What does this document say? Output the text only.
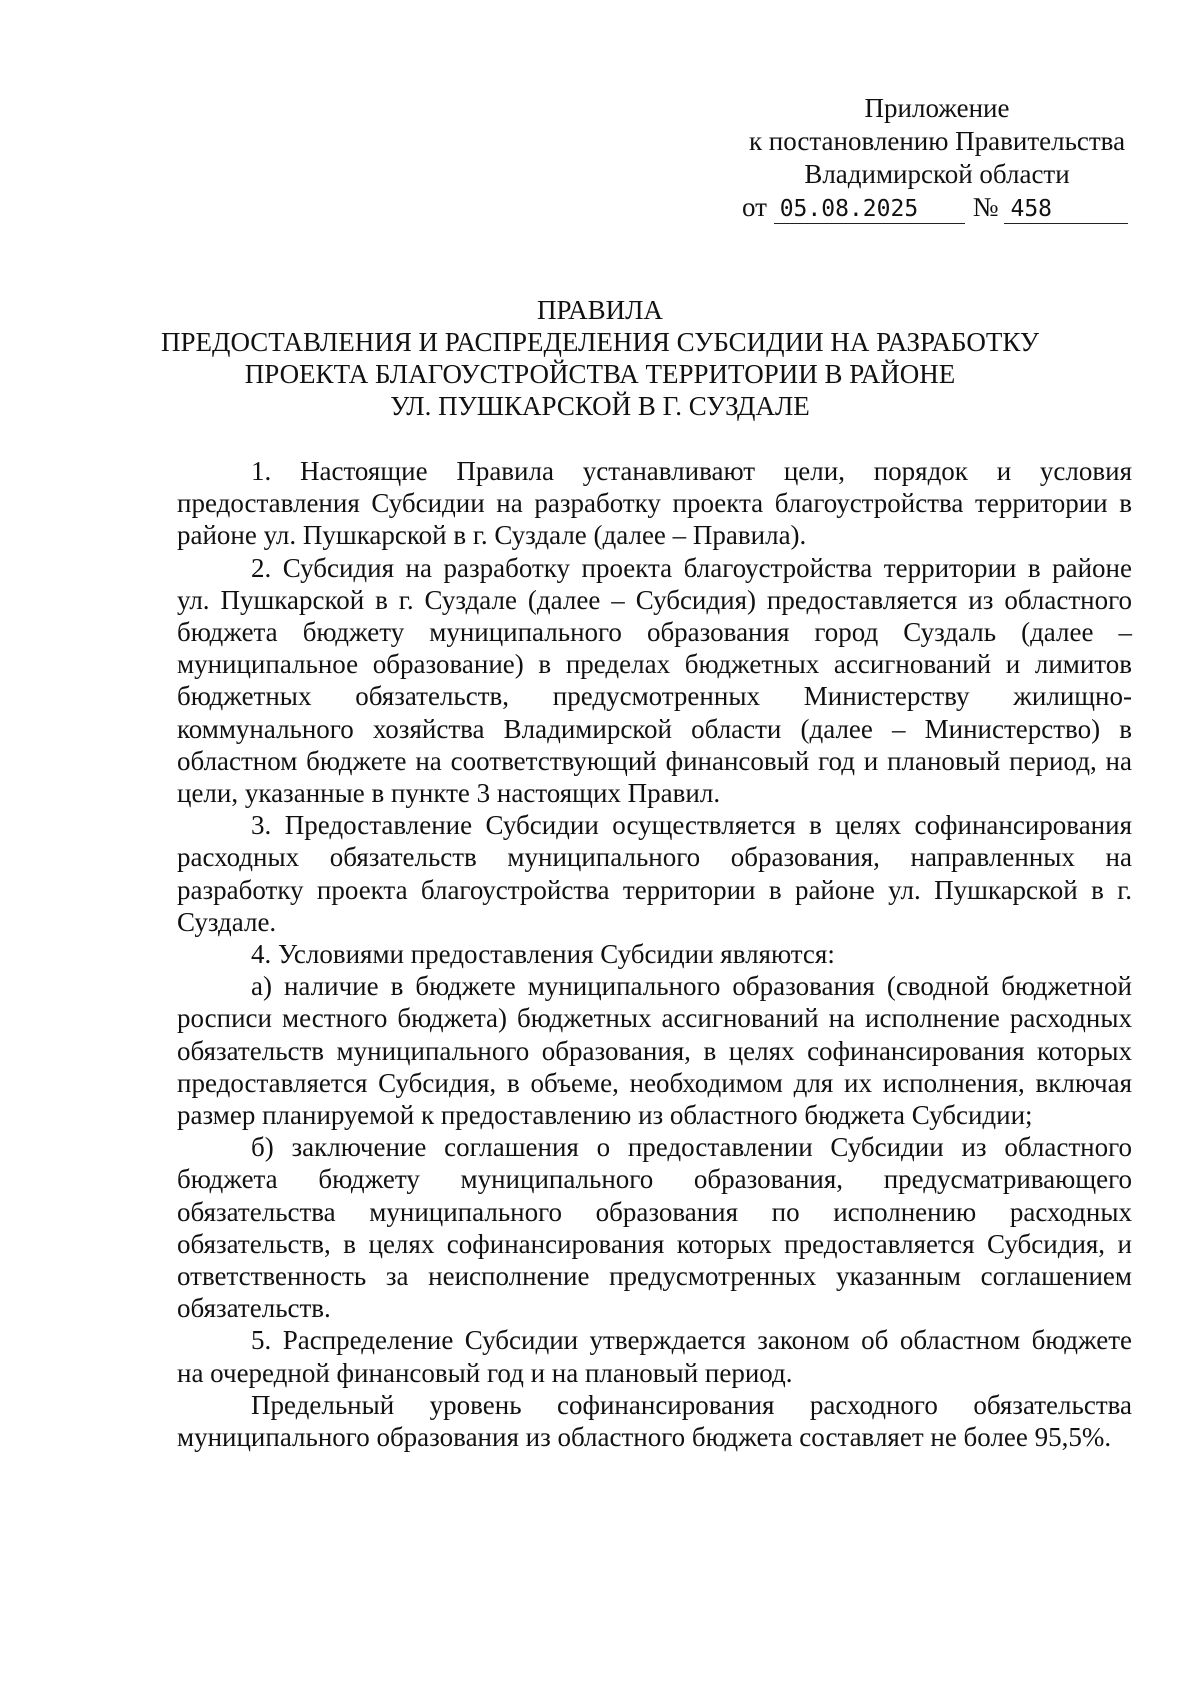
Приложение
к постановлению Правительства
Владимирской области
от 05.08.2025 № 458
ПРАВИЛА
ПРЕДОСТАВЛЕНИЯ И РАСПРЕДЕЛЕНИЯ СУБСИДИИ НА РАЗРАБОТКУ
ПРОЕКТА БЛАГОУСТРОЙСТВА ТЕРРИТОРИИ В РАЙОНЕ
УЛ. ПУШКАРСКОЙ В Г. СУЗДАЛЕ

1. Настоящие Правила устанавливают цели, порядок и условия предоставления Субсидии на разработку проекта благоустройства территории в районе ул. Пушкарской в г. Суздале (далее – Правила).

2. Субсидия на разработку проекта благоустройства территории в районе ул. Пушкарской в г. Суздале (далее – Субсидия) предоставляется из областного бюджета бюджету муниципального образования город Суздаль (далее – муниципальное образование) в пределах бюджетных ассигнований и лимитов бюджетных обязательств, предусмотренных Министерству жилищно-коммунального хозяйства Владимирской области (далее – Министерство) в областном бюджете на соответствующий финансовый год и плановый период, на цели, указанные в пункте 3 настоящих Правил.

3. Предоставление Субсидии осуществляется в целях софинансирования расходных обязательств муниципального образования, направленных на разработку проекта благоустройства территории в районе ул. Пушкарской в г. Суздале.

4. Условиями предоставления Субсидии являются:

а) наличие в бюджете муниципального образования (сводной бюджетной росписи местного бюджета) бюджетных ассигнований на исполнение расходных обязательств муниципального образования, в целях софинансирования которых предоставляется Субсидия, в объеме, необходимом для их исполнения, включая размер планируемой к предоставлению из областного бюджета Субсидии;

б) заключение соглашения о предоставлении Субсидии из областного бюджета бюджету муниципального образования, предусматривающего обязательства муниципального образования по исполнению расходных обязательств, в целях софинансирования которых предоставляется Субсидия, и ответственность за неисполнение предусмотренных указанным соглашением обязательств.

5. Распределение Субсидии утверждается законом об областном бюджете на очередной финансовый год и на плановый период.

Предельный уровень софинансирования расходного обязательства муниципального образования из областного бюджета составляет не более 95,5%.
